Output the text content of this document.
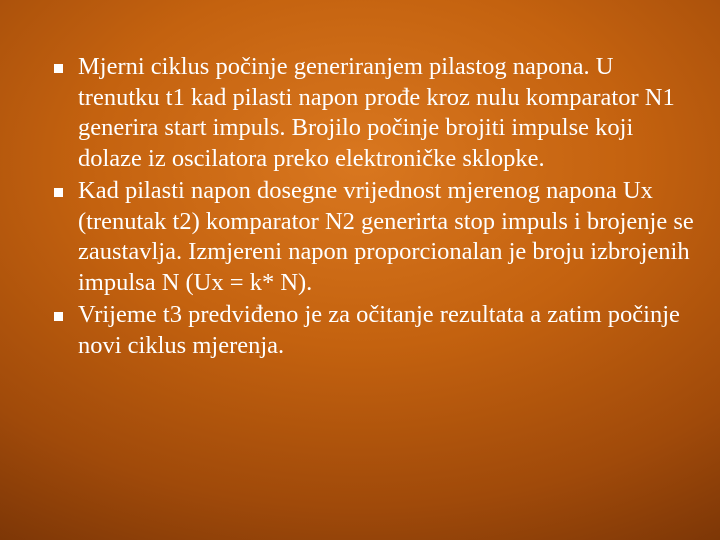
Mjerni ciklus počinje generiranjem pilastog napona. U trenutku t1 kad pilasti napon prođe kroz nulu komparator N1 generira start impuls. Brojilo počinje brojiti impulse koji dolaze iz oscilatora preko elektroničke sklopke.
Kad pilasti napon dosegne vrijednost mjerenog napona Ux (trenutak t2) komparator N2 generirta stop impuls i brojenje se zaustavlja. Izmjereni napon proporcionalan je broju izbrojenih impulsa N (Ux = k* N).
Vrijeme t3 predviđeno je za očitanje rezultata a zatim počinje novi ciklus mjerenja.
